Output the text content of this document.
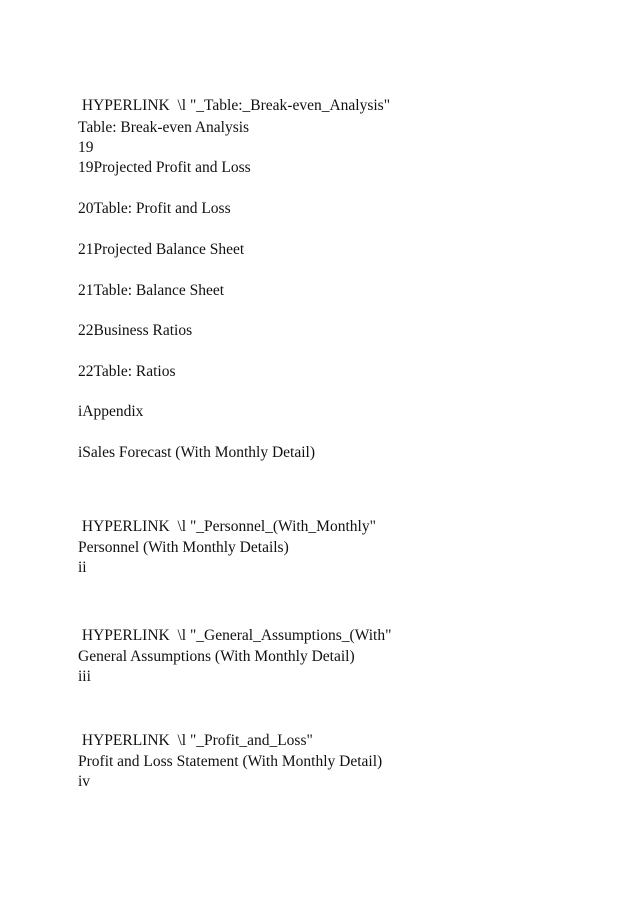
HYPERLINK  \l "_Table:_Break-even_Analysis"

Table: Break-even Analysis

19

19Projected Profit and Loss

20Table: Profit and Loss

21Projected Balance Sheet

21Table: Balance Sheet

22Business Ratios

22Table: Ratios

iAppendix

iSales Forecast (With Monthly Detail)

HYPERLINK  \l "_Personnel_(With_Monthly"

Personnel (With Monthly Details)

ii

HYPERLINK  \l "_General_Assumptions_(With"

General Assumptions (With Monthly Detail)

iii

HYPERLINK  \l "_Profit_and_Loss"

Profit and Loss Statement (With Monthly Detail)

iv
